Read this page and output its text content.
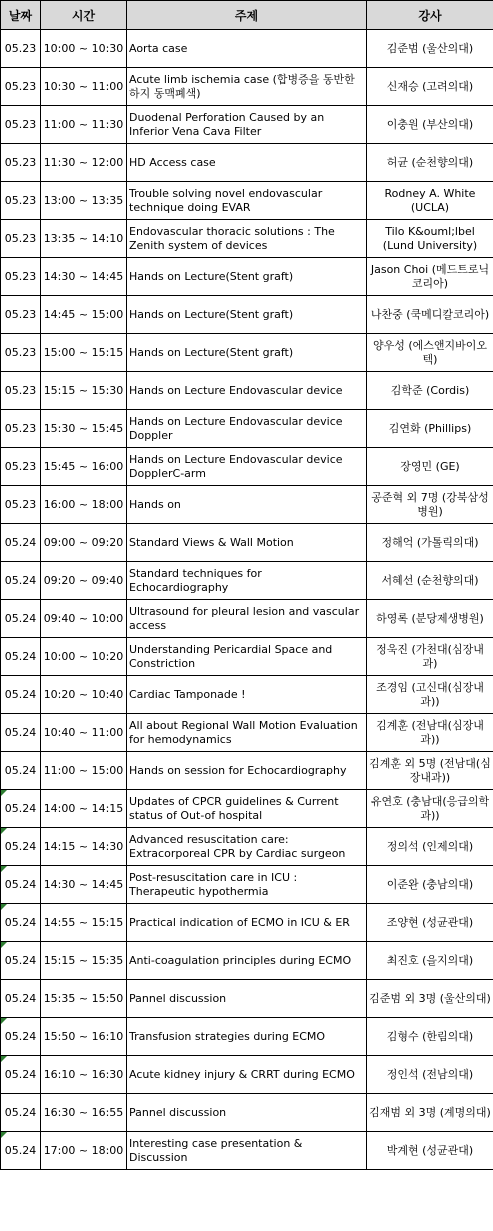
날짜	시간	주제	강사
05.23	10:00 ~ 10:30	Aorta case	김준범 (울산의대)
05.23	10:30 ~ 11:00	Acute limb ischemia case (합병증을 동반한 하지 동맥폐색)	신재승 (고려의대)
05.23	11:00 ~ 11:30	Duodenal Perforation Caused by an Inferior Vena Cava Filter	이충원 (부산의대)
05.23	11:30 ~ 12:00	HD Access case	허균 (순천향의대)
05.23	13:00 ~ 13:35	Trouble solving novel endovascular technique doing EVAR	Rodney A. White (UCLA)
05.23	13:35 ~ 14:10	Endovascular thoracic solutions : The Zenith system of devices	Tilo K&ouml;lbel (Lund University)
05.23	14:30 ~ 14:45	Hands on Lecture(Stent graft)	Jason Choi (메드트로닉코리아)
05.23	14:45 ~ 15:00	Hands on Lecture(Stent graft)	나찬중 (쿡메디칼코리아)
05.23	15:00 ~ 15:15	Hands on Lecture(Stent graft)	양우성 (에스앤지바이오텍)
05.23	15:15 ~ 15:30	Hands on Lecture Endovascular device	김학준 (Cordis)
05.23	15:30 ~ 15:45	Hands on Lecture Endovascular device Doppler	김연화 (Phillips)
05.23	15:45 ~ 16:00	Hands on Lecture Endovascular device DopplerC-arm	장영민 (GE)
05.23	16:00 ~ 18:00	Hands on	공준혁 외 7명 (강북삼성병원)
05.24	09:00 ~ 09:20	Standard Views & Wall Motion	정해억 (가톨릭의대)
05.24	09:20 ~ 09:40	Standard techniques for Echocardiography	서혜선 (순천향의대)
05.24	09:40 ~ 10:00	Ultrasound for pleural lesion and vascular access	하영록 (분당제생병원)
05.24	10:00 ~ 10:20	Understanding Pericardial Space and Constriction	정욱진 (가천대(심장내과)
05.24	10:20 ~ 10:40	Cardiac Tamponade !	조경임 (고신대(심장내과))
05.24	10:40 ~ 11:00	All about Regional Wall Motion Evaluation for hemodynamics	김계훈 (전남대(심장내과))
05.24	11:00 ~ 15:00	Hands on session for Echocardiography	김계훈 외 5명 (전남대(심장내과))
05.24	14:00 ~ 14:15	Updates of CPCR guidelines & Current status of Out-of hospital	유연호 (충남대(응급의학과))
05.24	14:15 ~ 14:30	Advanced resuscitation care: Extracorporeal CPR by Cardiac surgeon	정의석 (인제의대)
05.24	14:30 ~ 14:45	Post-resuscitation care in ICU : Therapeutic hypothermia	이준완 (충남의대)
05.24	14:55 ~ 15:15	Practical indication of ECMO in ICU & ER	조양현 (성균관대)
05.24	15:15 ~ 15:35	Anti-coagulation principles during ECMO	최진호 (을지의대)
05.24	15:35 ~ 15:50	Pannel discussion	김준범 외 3명 (울산의대)
05.24	15:50 ~ 16:10	Transfusion strategies during ECMO	김형수 (한림의대)
05.24	16:10 ~ 16:30	Acute kidney injury & CRRT during ECMO	정인석 (전남의대)
05.24	16:30 ~ 16:55	Pannel discussion	김재범 외 3명 (계명의대)
05.24	17:00 ~ 18:00	Interesting case presentation & Discussion	박계현 (성균관대)
